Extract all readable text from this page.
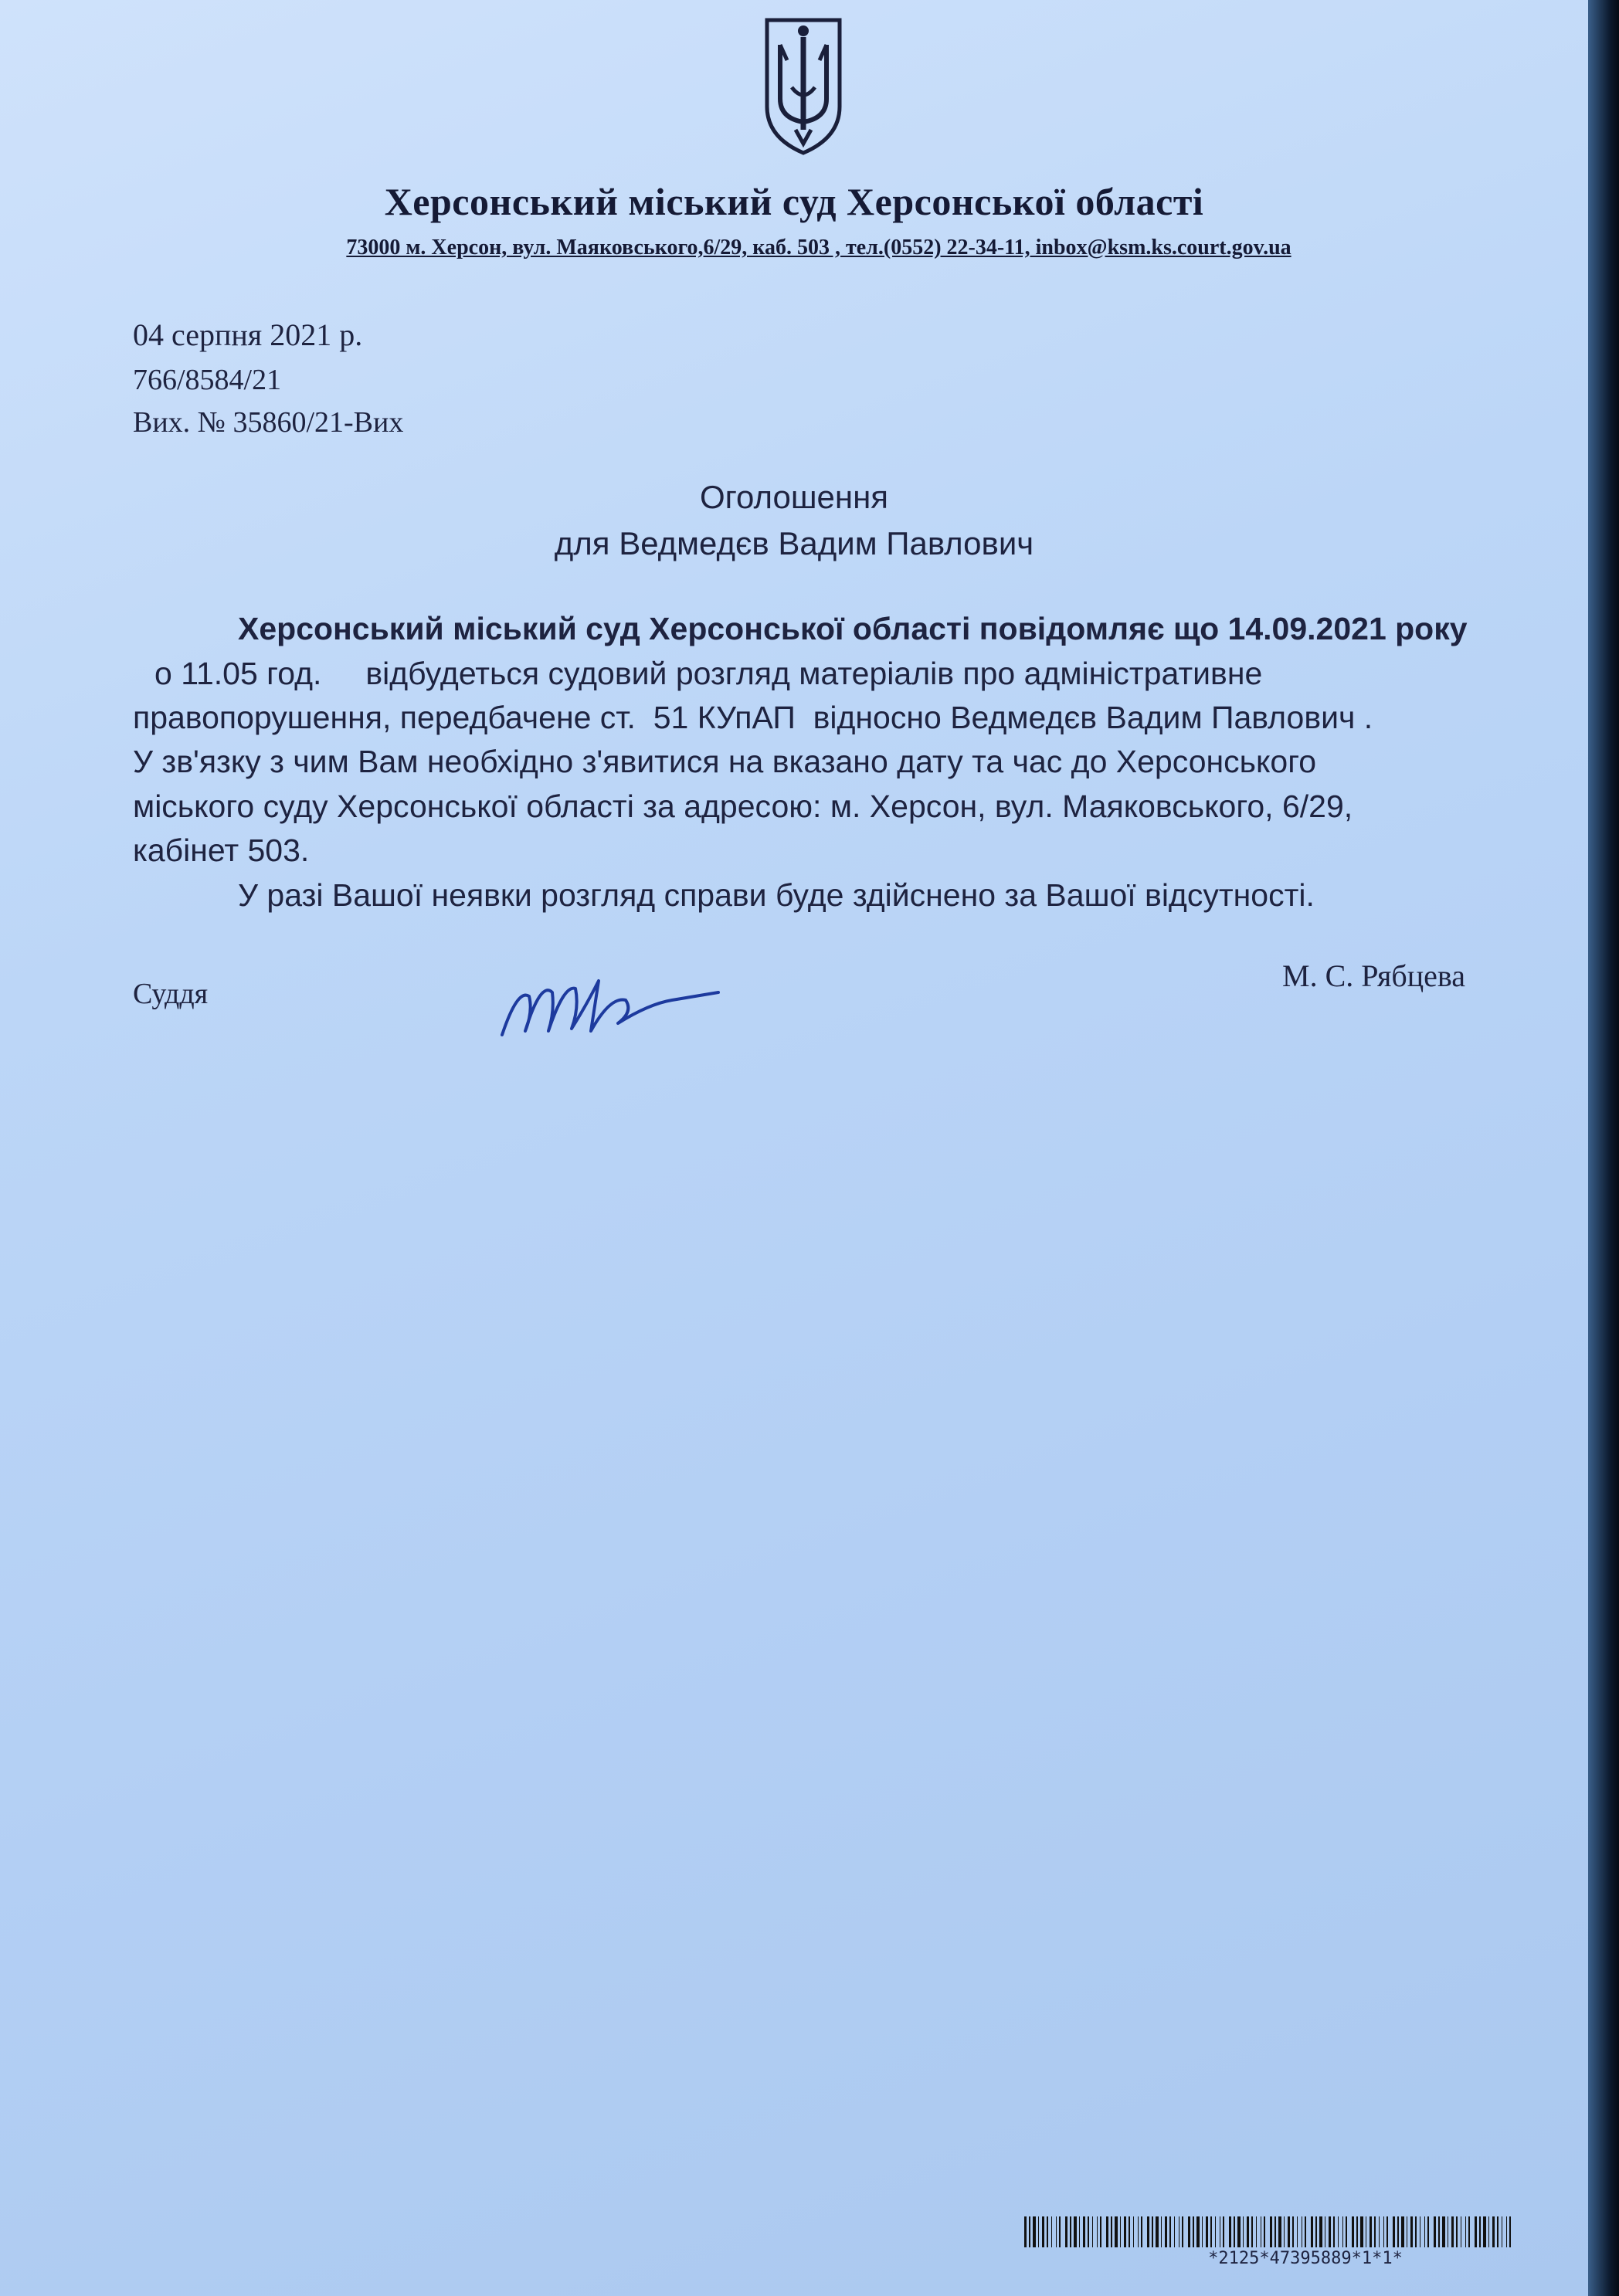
Херсонський міський суд Херсонської області
73000 м. Херсон, вул. Маяковського,6/29, каб. 503 , тел.(0552) 22-34-11, inbox@ksm.ks.court.gov.ua
04 серпня 2021 р.
766/8584/21
Вих. № 35860/21-Вих
Оголошення
для Ведмедєв Вадим Павлович
Херсонський міський суд Херсонської області повідомляє що 14.09.2021 року
о 11.05 год.     відбудеться судовий розгляд матеріалів про адміністративне
правопорушення, передбачене ст.  51 КУпАП  відносно Ведмедєв Вадим Павлович .
У зв'язку з чим Вам необхідно з'явитися на вказано дату та час до Херсонського
міського суду Херсонської області за адресою: м. Херсон, вул. Маяковського, 6/29,
кабінет 503.
У разі Вашої неявки розгляд справи буде здійснено за Вашої відсутності.
Суддя
М. С. Рябцева
*2125*47395889*1*1*
